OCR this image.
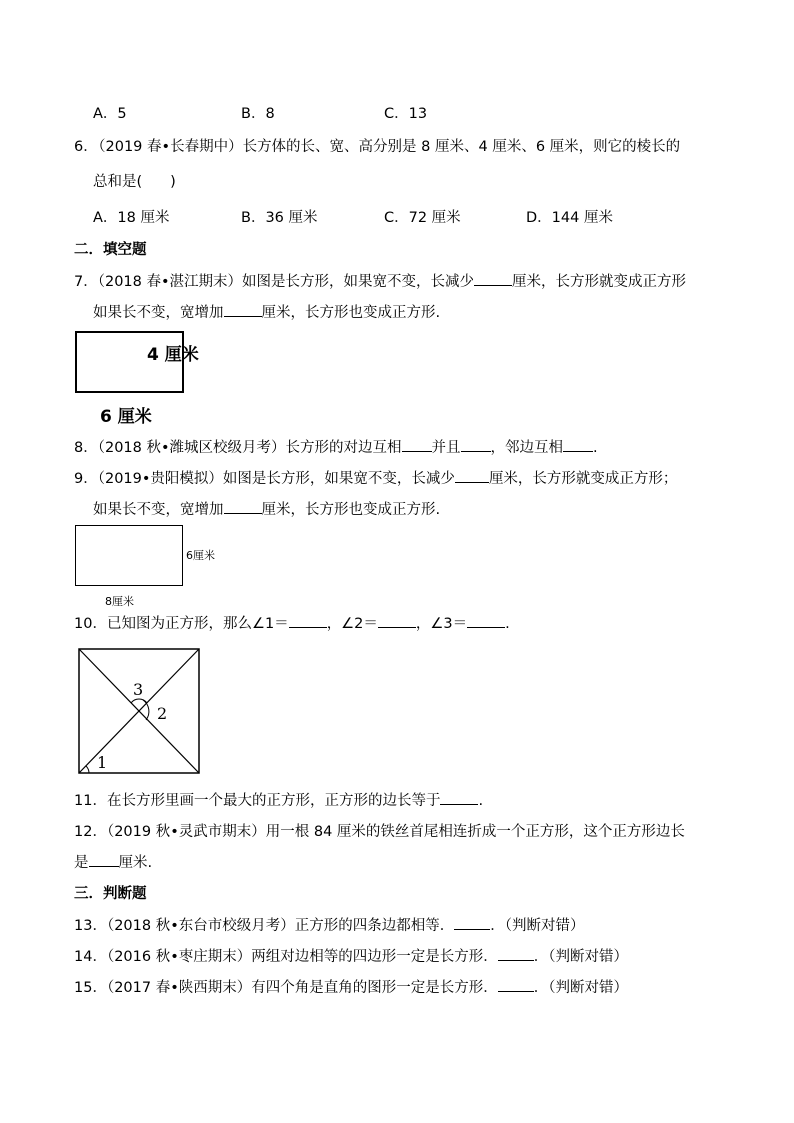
A．5	B．8	C．13
6．
（2019 春•长春期中）长方体的长、宽、高分别是 8 厘米、4 厘米、6 厘米，则它的棱长的
总和是( )
A．18 厘米	B．36 厘米	C．72 厘米	D．144 厘米
二．填空题
7．（2018 春•湛江期末）如图是长方形，如果宽不变，长减少	厘米，长方形就变成正方形
如果长不变，宽增加	厘米，长方形也变成正方形.
4 厘米
6 厘米
8．（2018 秋•潍城区校级月考）长方形的对边互相 并且 ，邻边互相 .
9．（2019•贵阳模拟）如图是长方形，如果宽不变，长减少 厘米，长方形就变成正方形；
如果长不变，宽增加	厘米，长方形也变成正方形.
6厘米
8厘米
10．已知图为正方形，那么∠1＝	，∠2＝	，∠3＝	.
3
2
1
11．在长方形里画一个最大的正方形，正方形的边长等于	.
12．（2019 秋•灵武市期末）用一根 84 厘米的铁丝首尾相连折成一个正方形，这个正方形边长
是 厘米.
三．判断题
13．（2018 秋•东台市校级月考）正方形的四条边都相等． ．（判断对错）
14．（2016 秋•枣庄期末）两组对边相等的四边形一定是长方形． ．（判断对错）
15．（2017 春•陕西期末）有四个角是直角的图形一定是长方形． ．（判断对错）
